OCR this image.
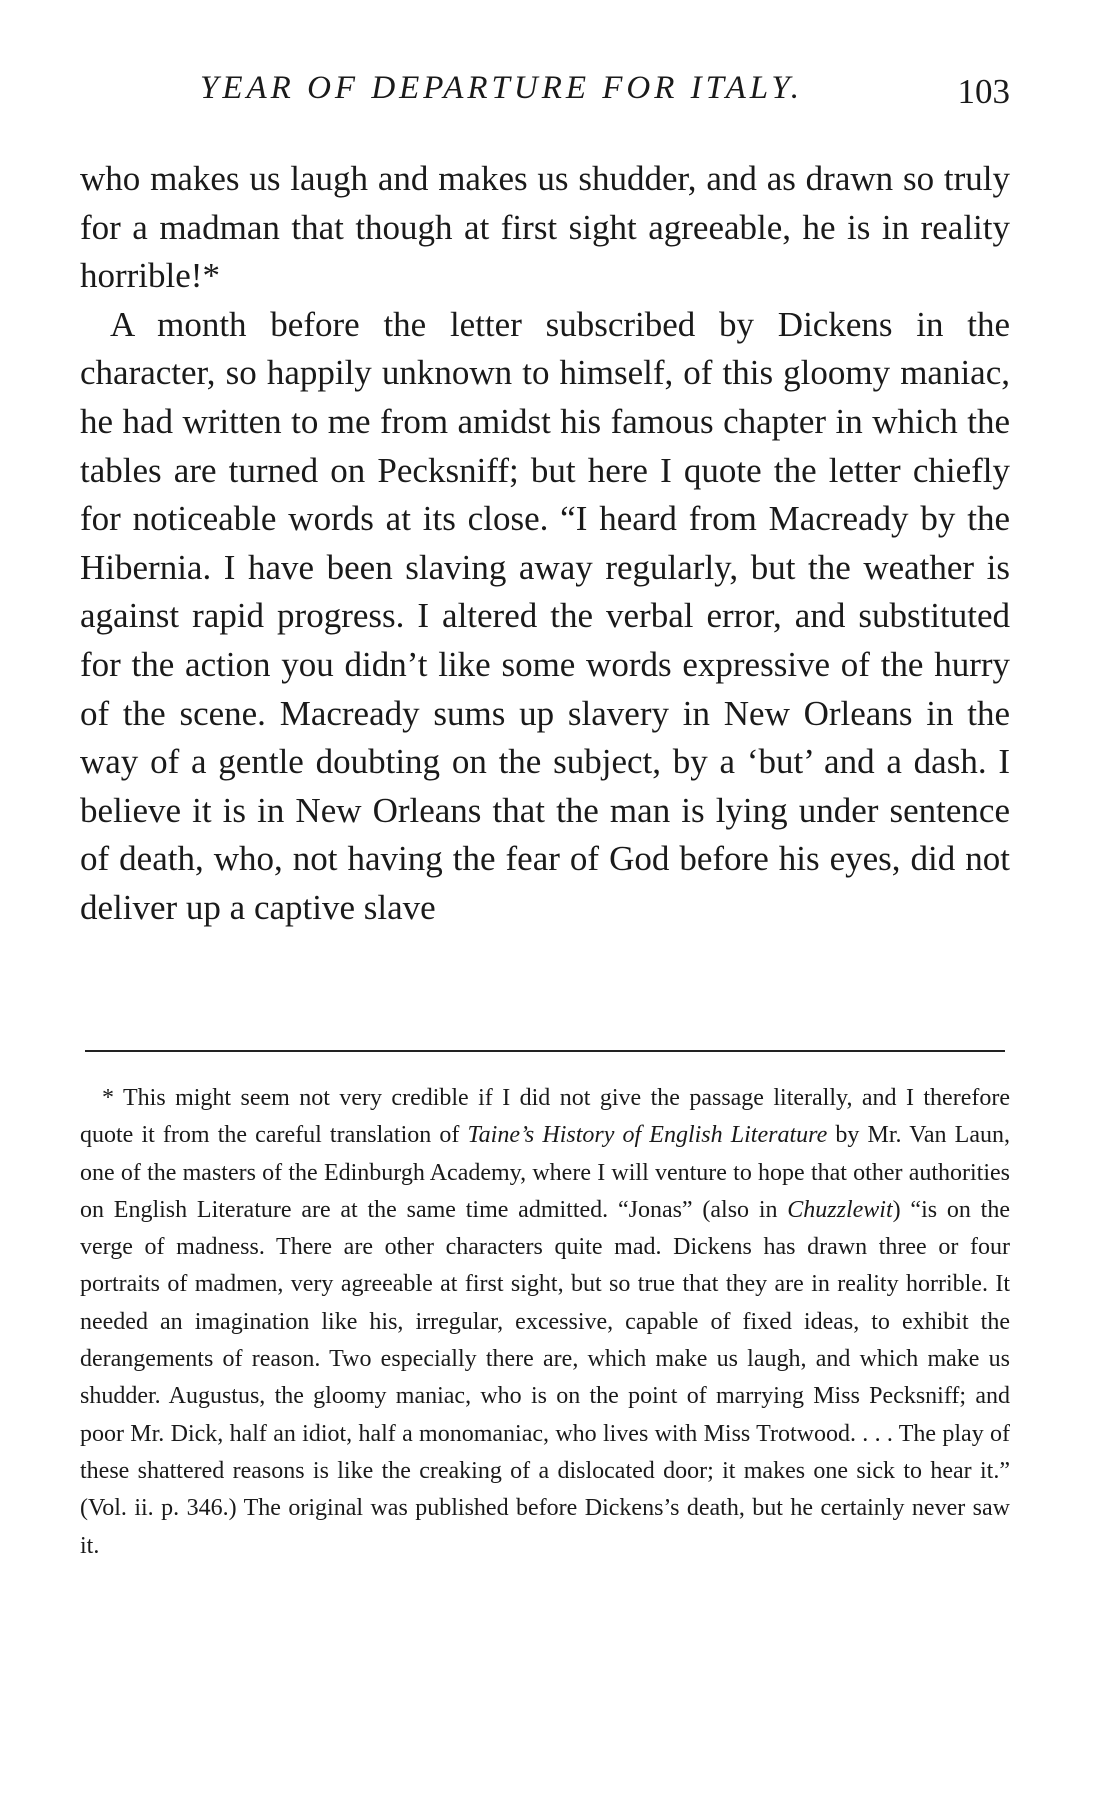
YEAR OF DEPARTURE FOR ITALY.	103

who makes us laugh and makes us shudder, and as drawn so truly for a madman that though at first sight agreeable, he is in reality horrible!*

A month before the letter subscribed by Dickens in the character, so happily unknown to himself, of this gloomy maniac, he had written to me from amidst his famous chapter in which the tables are turned on Pecksniff; but here I quote the letter chiefly for noticeable words at its close. “I heard from Macready by the Hibernia. I have been slaving away regularly, but the weather is against rapid progress. I altered the verbal error, and substituted for the action you didn’t like some words expressive of the hurry of the scene. Macready sums up slavery in New Orleans in the way of a gentle doubting on the subject, by a ‘but’ and a dash. I believe it is in New Orleans that the man is lying under sentence of death, who, not having the fear of God before his eyes, did not deliver up a captive slave

* This might seem not very credible if I did not give the passage literally, and I therefore quote it from the careful translation of Taine’s History of English Literature by Mr. Van Laun, one of the masters of the Edinburgh Academy, where I will venture to hope that other authorities on English Literature are at the same time admitted. “Jonas” (also in Chuzzlewit) “is on the verge of madness. There are other characters quite mad. Dickens has drawn three or four portraits of madmen, very agreeable at first sight, but so true that they are in reality horrible. It needed an imagination like his, irregular, excessive, capable of fixed ideas, to exhibit the derangements of reason. Two especially there are, which make us laugh, and which make us shudder. Augustus, the gloomy maniac, who is on the point of marrying Miss Pecksniff; and poor Mr. Dick, half an idiot, half a monomaniac, who lives with Miss Trotwood. . . . The play of these shattered reasons is like the creaking of a dislocated door; it makes one sick to hear it.” (Vol. ii. p. 346.) The original was published before Dickens’s death, but he certainly never saw it.
